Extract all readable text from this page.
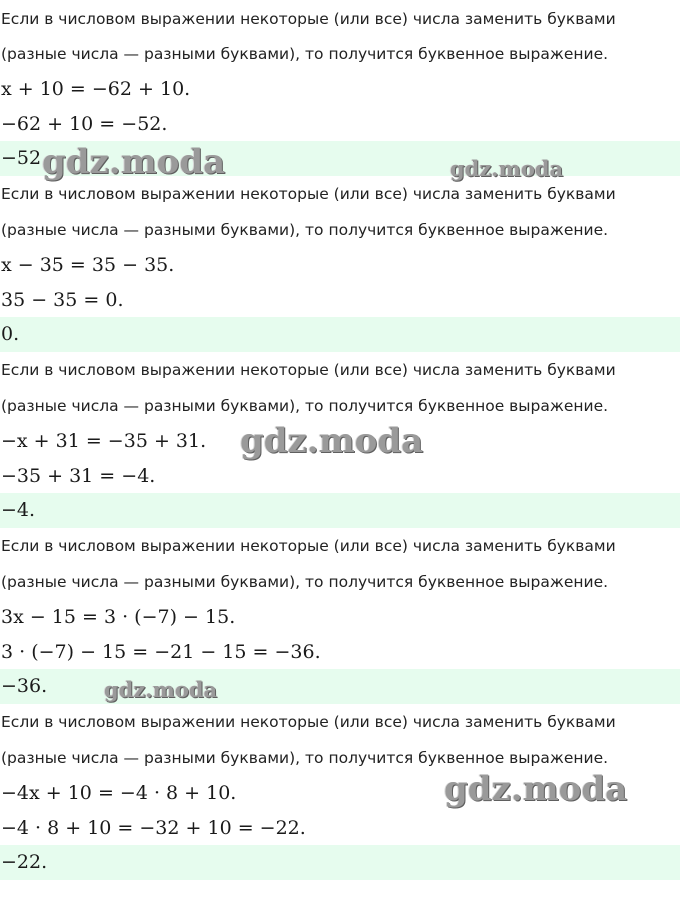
Если в числовом выражении некоторые (или все) числа заменить буквами
(разные числа — разными буквами), то получится буквенное выражение.
x + 10 = −62 + 10.
−62 + 10 = −52.
−52.
Если в числовом выражении некоторые (или все) числа заменить буквами
(разные числа — разными буквами), то получится буквенное выражение.
x − 35 = 35 − 35.
35 − 35 = 0.
0.
Если в числовом выражении некоторые (или все) числа заменить буквами
(разные числа — разными буквами), то получится буквенное выражение.
−x + 31 = −35 + 31.
−35 + 31 = −4.
−4.
Если в числовом выражении некоторые (или все) числа заменить буквами
(разные числа — разными буквами), то получится буквенное выражение.
3x − 15 = 3 · (−7) − 15.
3 · (−7) − 15 = −21 − 15 = −36.
−36.
Если в числовом выражении некоторые (или все) числа заменить буквами
(разные числа — разными буквами), то получится буквенное выражение.
−4x + 10 = −4 · 8 + 10.
−4 · 8 + 10 = −32 + 10 = −22.
−22.
gdz.moda	gdz.moda
gdz.moda
gdz.moda
gdz.moda
